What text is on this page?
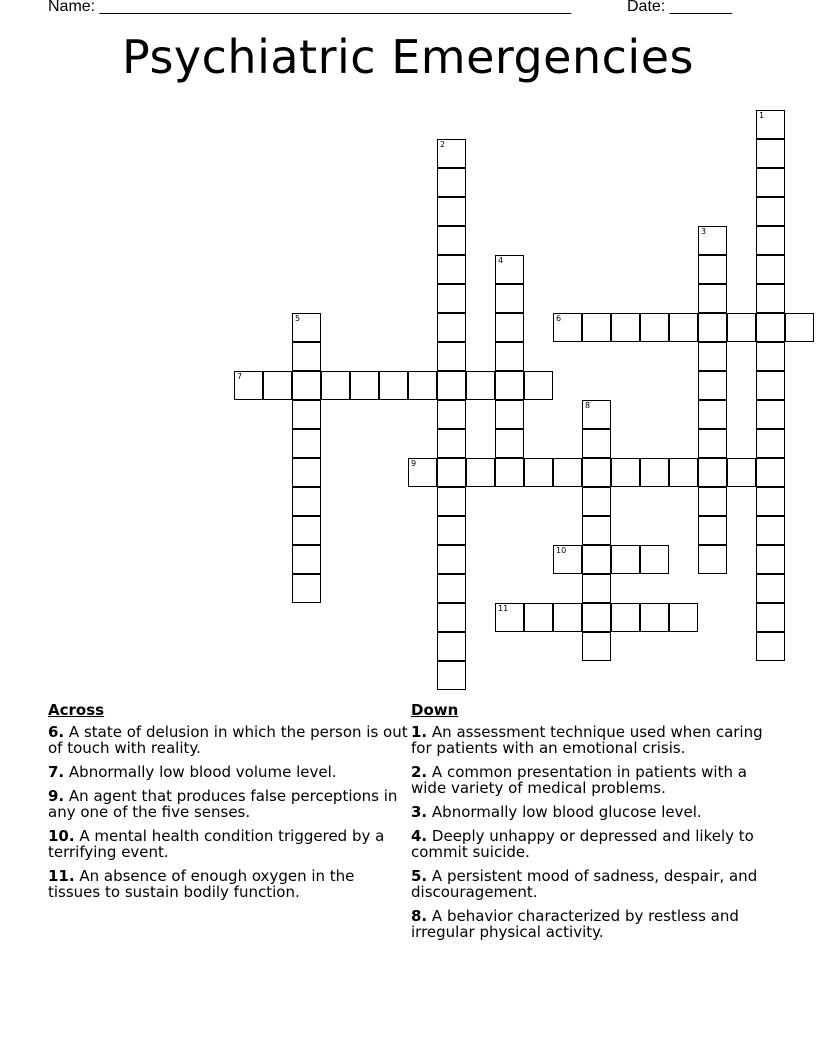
Name: _____________________________________________________	Date: _______
Psychiatric Emergencies
1
2
3
4
5	6
7
8
9
10
11
Across
6. A state of delusion in which the person is out of touch with reality.
7. Abnormally low blood volume level.
9. An agent that produces false perceptions in any one of the five senses.
10. A mental health condition triggered by a terrifying event.
11. An absence of enough oxygen in the tissues to sustain bodily function.
Down
1. An assessment technique used when caring for patients with an emotional crisis.
2. A common presentation in patients with a wide variety of medical problems.
3. Abnormally low blood glucose level.
4. Deeply unhappy or depressed and likely to commit suicide.
5. A persistent mood of sadness, despair, and discouragement.
8. A behavior characterized by restless and irregular physical activity.
